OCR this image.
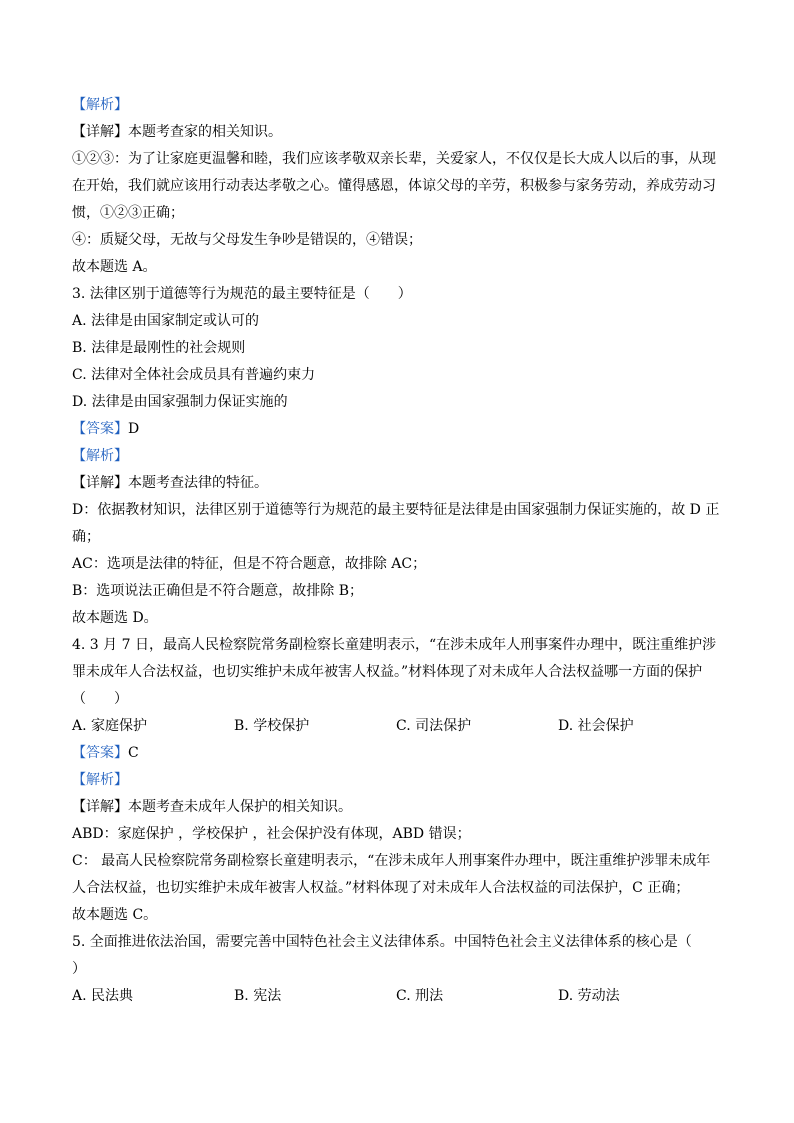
【解析】
【详解】本题考查家的相关知识。
①②③：为了让家庭更温馨和睦，我们应该孝敬双亲长辈，关爱家人，不仅仅是长大成人以后的事，从现
在开始，我们就应该用行动表达孝敬之心。懂得感恩，体谅父母的辛劳，积极参与家务劳动，养成劳动习
惯，①②③正确；
④：质疑父母，无故与父母发生争吵是错误的，④错误；
故本题选 A。
3. 法律区别于道德等行为规范的最主要特征是（　　）
A. 法律是由国家制定或认可的
B. 法律是最刚性的社会规则
C. 法律对全体社会成员具有普遍约束力
D. 法律是由国家强制力保证实施的
【答案】D
【解析】
【详解】本题考查法律的特征。
D：依据教材知识，法律区别于道德等行为规范的最主要特征是法律是由国家强制力保证实施的，故 D 正
确；
AC：选项是法律的特征，但是不符合题意，故排除 AC；
B：选项说法正确但是不符合题意，故排除 B；
故本题选 D。
4. 3 月 7 日，最高人民检察院常务副检察长童建明表示，“在涉未成年人刑事案件办理中，既注重维护涉
罪未成年人合法权益，也切实维护未成年被害人权益。”材料体现了对未成年人合法权益哪一方面的保护
（　　）
A. 家庭保护	B. 学校保护	C. 司法保护	D. 社会保护
【答案】C
【解析】
【详解】本题考查未成年人保护的相关知识。
ABD：家庭保护 ，学校保护 ，社会保护没有体现，ABD 错误；
C： 最高人民检察院常务副检察长童建明表示，“在涉未成年人刑事案件办理中，既注重维护涉罪未成年
人合法权益，也切实维护未成年被害人权益。”材料体现了对未成年人合法权益的司法保护，C 正确；
故本题选 C。
5. 全面推进依法治国，需要完善中国特色社会主义法律体系。中国特色社会主义法律体系的核心是（
）
A. 民法典	B. 宪法	C. 刑法	D. 劳动法
